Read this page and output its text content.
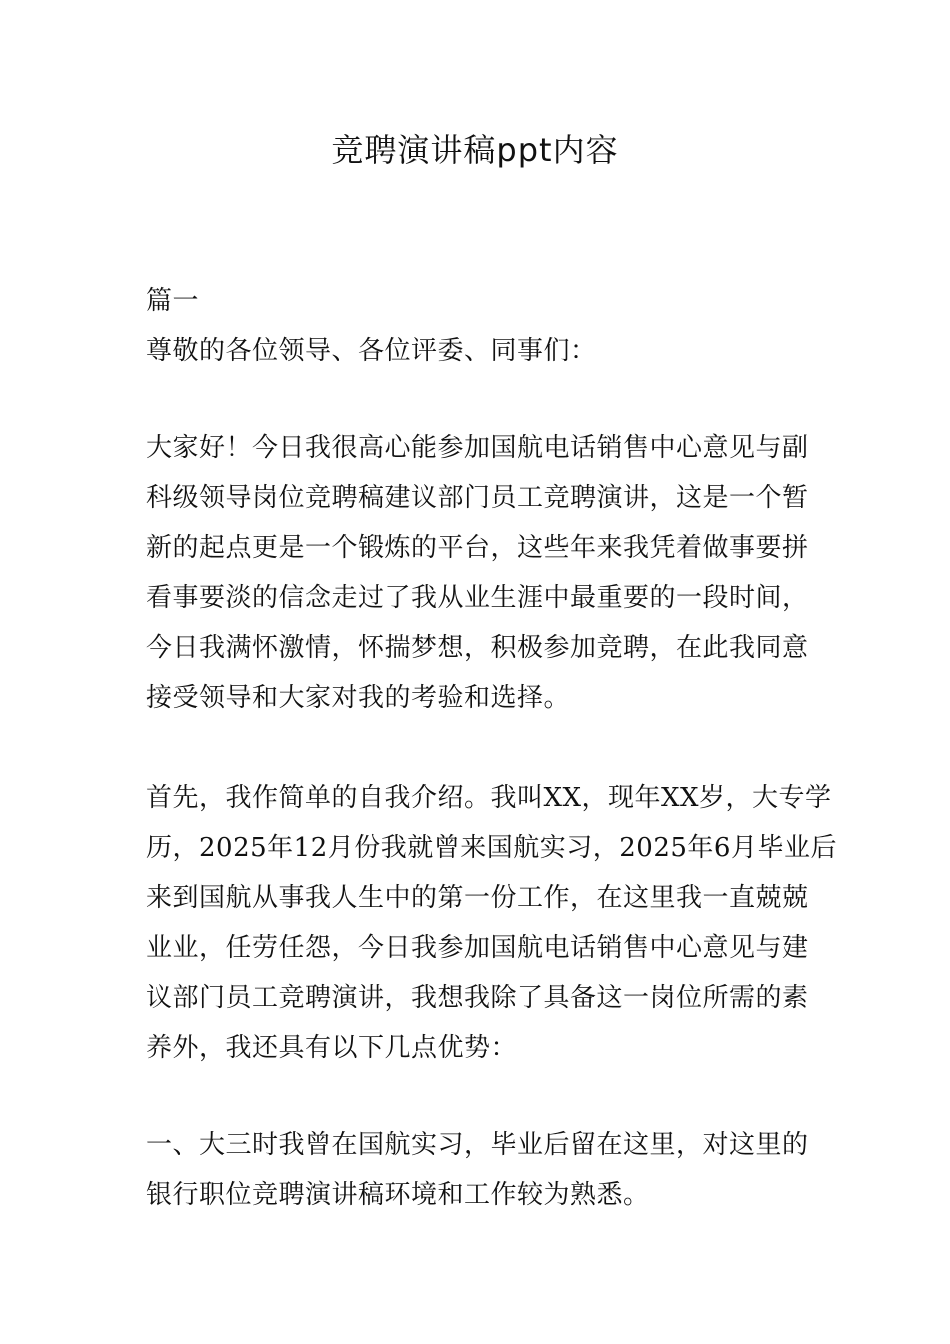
竞聘演讲稿ppt内容
篇一
尊敬的各位领导、各位评委、同事们：
大家好！今日我很高心能参加国航电话销售中心意见与副
科级领导岗位竞聘稿建议部门员工竞聘演讲，这是一个暂
新的起点更是一个锻炼的平台，这些年来我凭着做事要拼
看事要淡的信念走过了我从业生涯中最重要的一段时间，
今日我满怀激情，怀揣梦想，积极参加竞聘，在此我同意
接受领导和大家对我的考验和选择。
首先，我作简单的自我介绍。我叫XX，现年XX岁，大专学
历，2025年12月份我就曾来国航实习，2025年6月毕业后
来到国航从事我人生中的第一份工作，在这里我一直兢兢
业业，任劳任怨，今日我参加国航电话销售中心意见与建
议部门员工竞聘演讲，我想我除了具备这一岗位所需的素
养外，我还具有以下几点优势：
一、大三时我曾在国航实习，毕业后留在这里，对这里的
银行职位竞聘演讲稿环境和工作较为熟悉。
